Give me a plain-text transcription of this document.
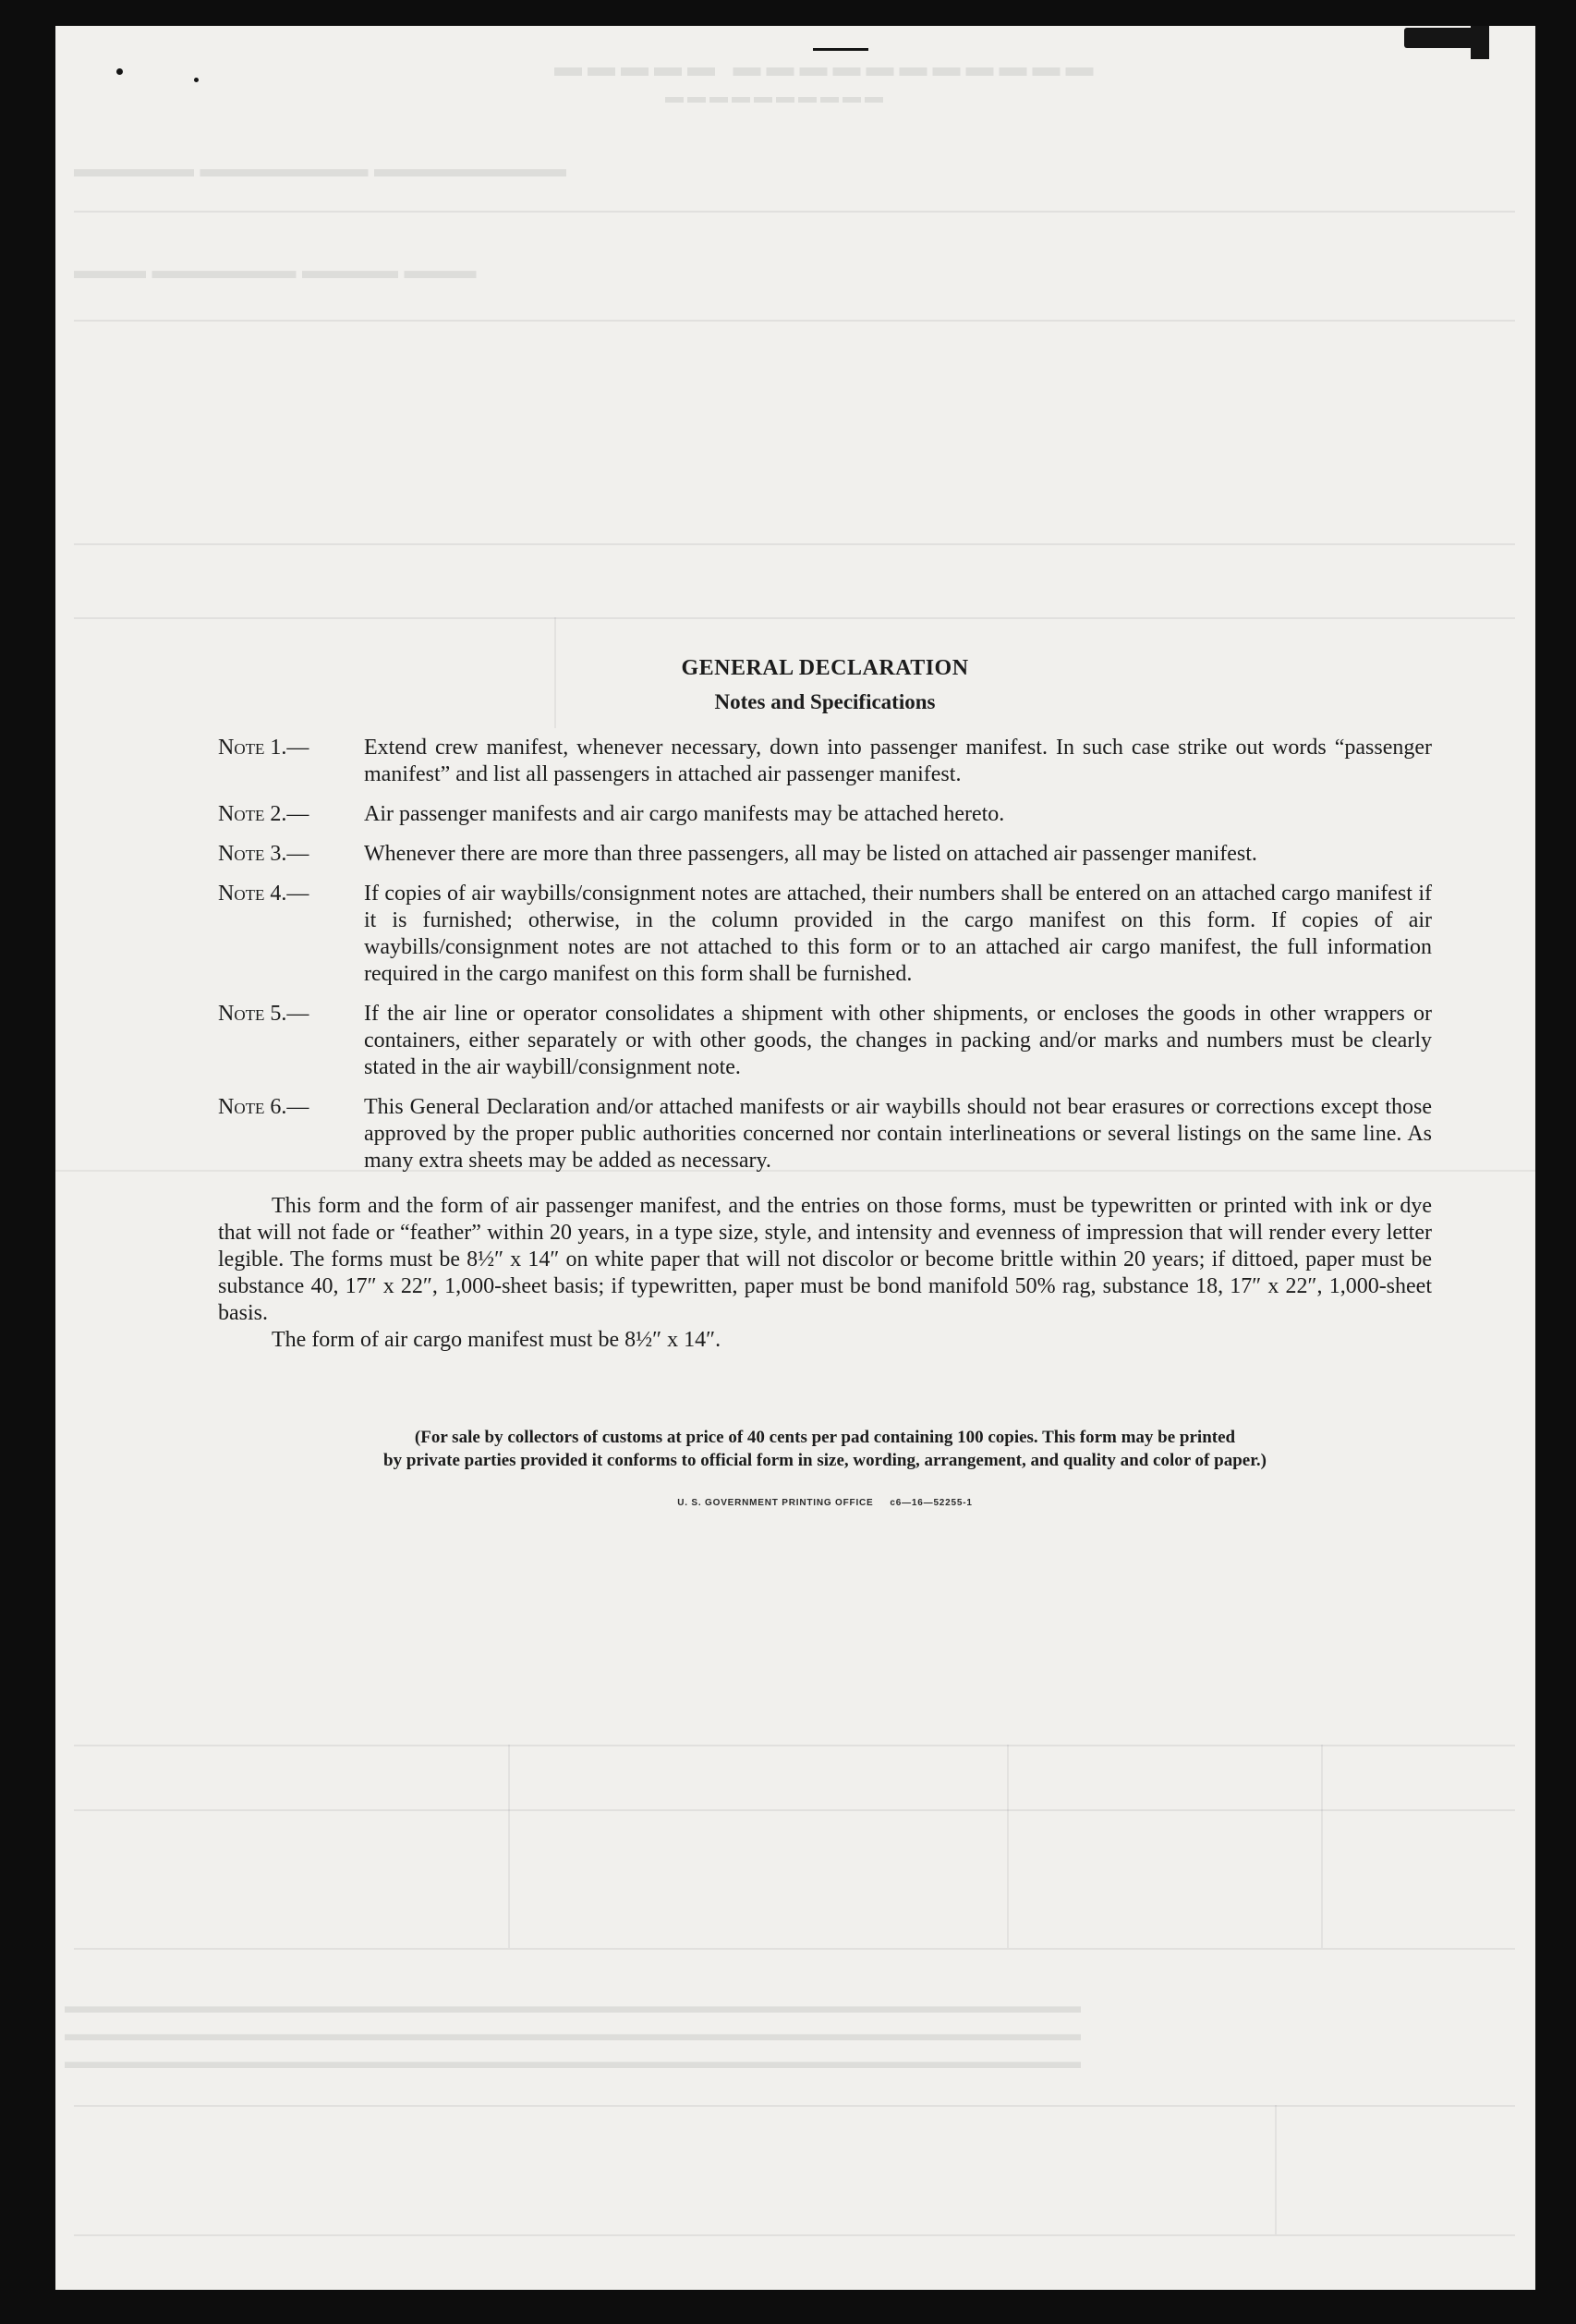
▬▬▬▬▬ ▬▬▬▬▬▬▬▬▬▬▬
▬▬▬▬▬▬▬▬▬▬
▬▬▬▬▬ ▬▬▬▬▬▬▬ ▬▬▬▬▬▬▬▬
▬▬▬ ▬▬▬▬▬▬ ▬▬▬▬ ▬▬▬
▬▬▬▬▬▬▬▬▬▬▬▬▬▬▬▬▬▬▬▬▬▬▬▬▬▬▬▬▬▬▬▬▬▬▬▬▬▬▬▬▬▬▬▬▬▬▬▬▬▬
▬▬▬▬▬▬▬▬▬▬▬▬▬▬▬▬▬▬▬▬▬▬▬▬▬▬▬▬▬▬▬▬▬▬▬▬▬▬▬▬▬▬▬▬▬▬▬▬▬▬
▬▬▬▬▬▬▬▬▬▬▬▬▬▬▬▬▬▬▬▬▬▬▬▬▬▬▬▬▬▬▬▬▬▬▬▬▬▬▬▬▬▬▬▬▬▬▬▬▬▬
GENERAL DECLARATION
Notes and Specifications
Note 1.— Extend crew manifest, whenever necessary, down into passenger manifest. In such case strike out words “passenger manifest” and list all passengers in attached air passenger manifest.
Note 2.— Air passenger manifests and air cargo manifests may be attached hereto.
Note 3.— Whenever there are more than three passengers, all may be listed on attached air passenger manifest.
Note 4.— If copies of air waybills/consignment notes are attached, their numbers shall be entered on an attached cargo manifest if it is furnished; otherwise, in the column provided in the cargo manifest on this form. If copies of air waybills/consignment notes are not attached to this form or to an attached air cargo manifest, the full information required in the cargo manifest on this form shall be furnished.
Note 5.— If the air line or operator consolidates a shipment with other shipments, or encloses the goods in other wrappers or containers, either separately or with other goods, the changes in packing and/or marks and numbers must be clearly stated in the air waybill/consignment note.
Note 6.— This General Declaration and/or attached manifests or air waybills should not bear erasures or corrections except those approved by the proper public authorities concerned nor contain interlineations or several listings on the same line. As many extra sheets may be added as necessary.
This form and the form of air passenger manifest, and the entries on those forms, must be typewritten or printed with ink or dye that will not fade or “feather” within 20 years, in a type size, style, and intensity and evenness of impression that will render every letter legible. The forms must be 8½″ x 14″ on white paper that will not discolor or become brittle within 20 years; if dittoed, paper must be substance 40, 17″ x 22″, 1,000-sheet basis; if typewritten, paper must be bond manifold 50% rag, substance 18, 17″ x 22″, 1,000-sheet basis.
The form of air cargo manifest must be 8½″ x 14″.
(For sale by collectors of customs at price of 40 cents per pad containing 100 copies. This form may be printed
by private parties provided it conforms to official form in size, wording, arrangement, and quality and color of paper.)
U. S. GOVERNMENT PRINTING OFFICE     c6—16—52255-1
